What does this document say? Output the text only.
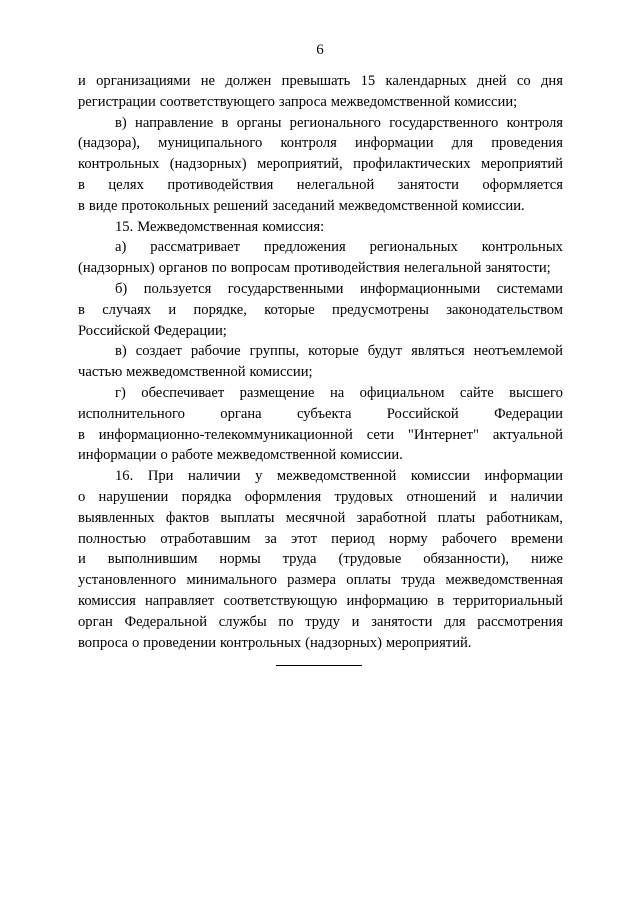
6
и организациями не должен превышать 15 календарных дней со дня
регистрации соответствующего запроса межведомственной комиссии;
в) направление в органы регионального государственного контроля
(надзора), муниципального контроля информации для проведения
контрольных (надзорных) мероприятий, профилактических мероприятий
в целях противодействия нелегальной занятости оформляется
в виде протокольных решений заседаний межведомственной комиссии.
15. Межведомственная комиссия:
а) рассматривает предложения региональных контрольных
(надзорных) органов по вопросам противодействия нелегальной занятости;
б) пользуется государственными информационными системами
в случаях и порядке, которые предусмотрены законодательством
Российской Федерации;
в) создает рабочие группы, которые будут являться неотъемлемой
частью межведомственной комиссии;
г) обеспечивает размещение на официальном сайте высшего
исполнительного органа субъекта Российской Федерации
в информационно-телекоммуникационной сети "Интернет" актуальной
информации о работе межведомственной комиссии.
16. При наличии у межведомственной комиссии информации
о нарушении порядка оформления трудовых отношений и наличии
выявленных фактов выплаты месячной заработной платы работникам,
полностью отработавшим за этот период норму рабочего времени
и выполнившим нормы труда (трудовые обязанности), ниже
установленного минимального размера оплаты труда межведомственная
комиссия направляет соответствующую информацию в территориальный
орган Федеральной службы по труду и занятости для рассмотрения
вопроса о проведении контрольных (надзорных) мероприятий.
